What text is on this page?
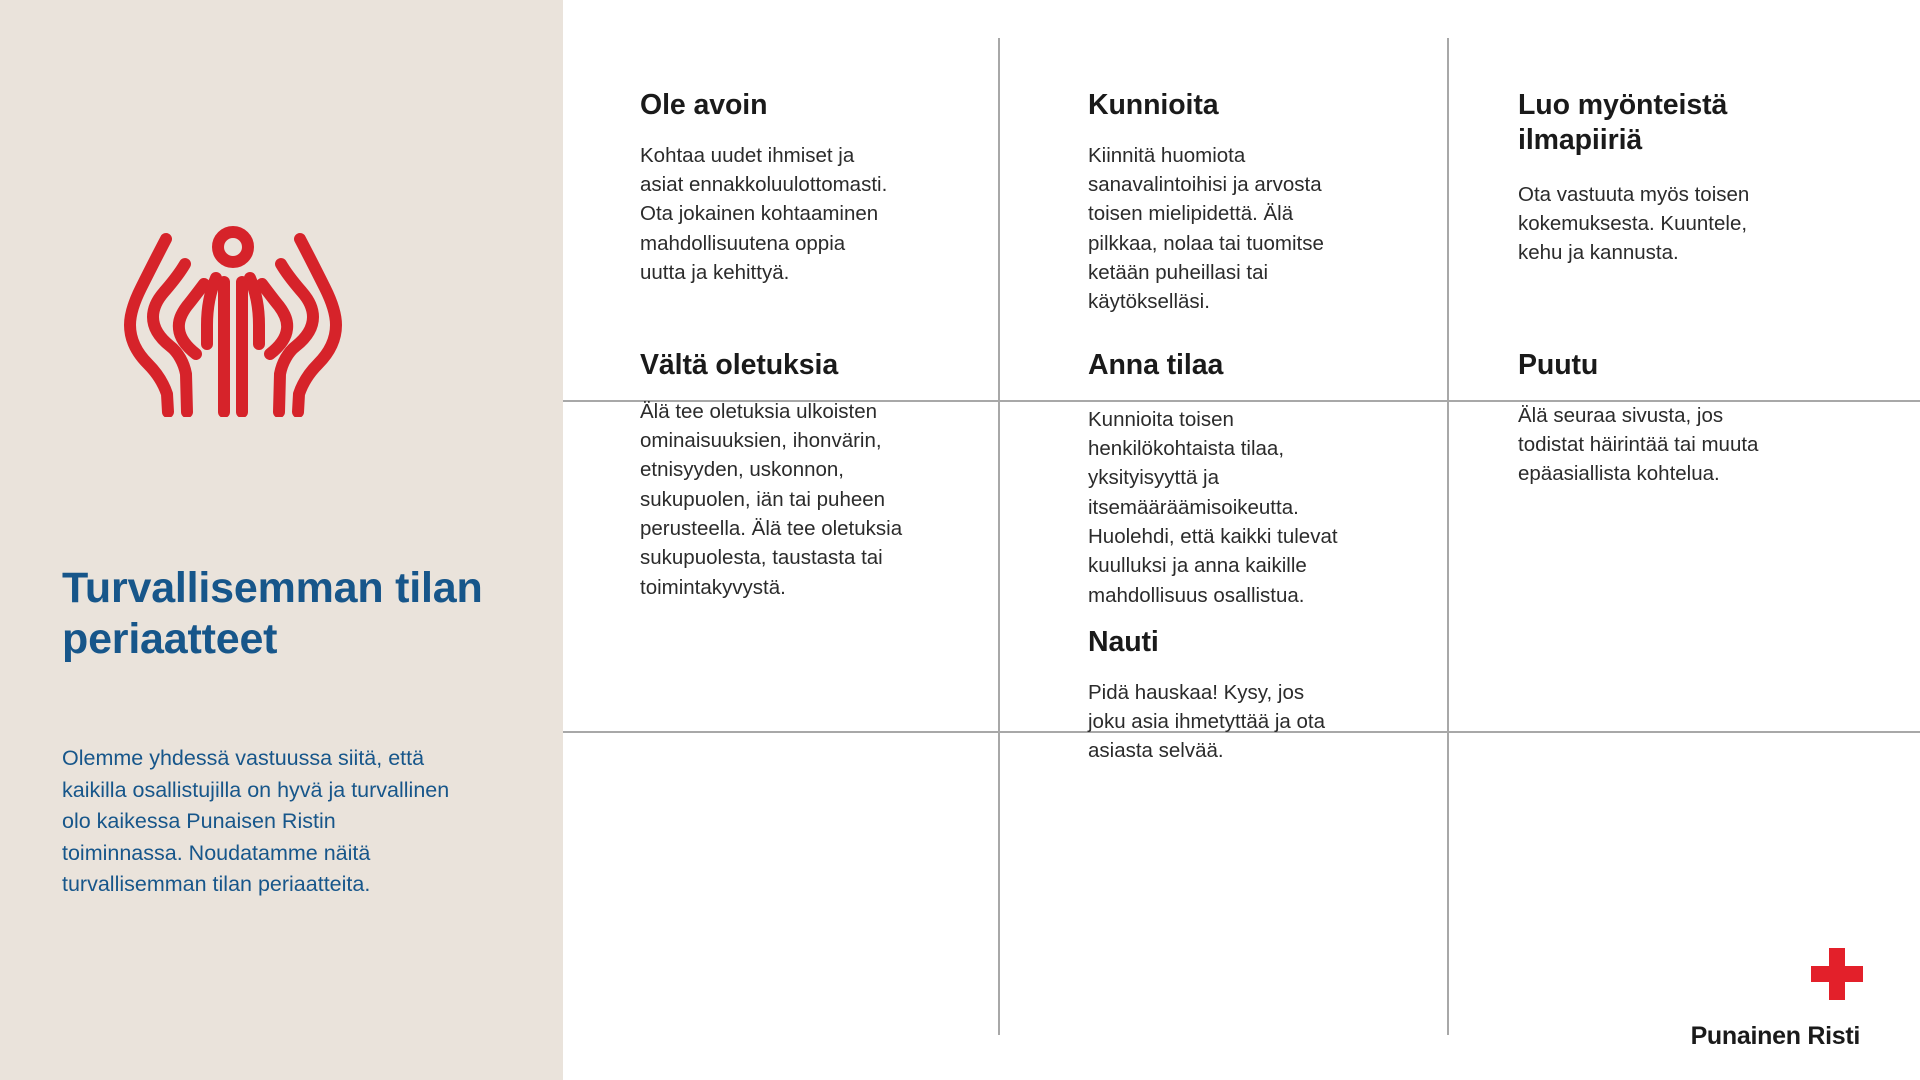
Turvallisemman tilan periaatteet

Olemme yhdessä vastuussa siitä, että kaikilla osallistujilla on hyvä ja turvallinen olo kaikessa Punaisen Ristin toiminnassa. Noudatamme näitä turvallisemman tilan periaatteita.

Ole avoin

Kohtaa uudet ihmiset ja asiat ennakkoluulottomasti. Ota jokainen kohtaaminen mahdollisuutena oppia uutta ja kehittyä.

Kunnioita

Kiinnitä huomiota sanavalintoihisi ja arvosta toisen mielipidettä. Älä pilkkaa, nolaa tai tuomitse ketään puheillasi tai käytökselläsi.

Luo myönteistä ilmapiiriä

Ota vastuuta myös toisen kokemuksesta. Kuuntele, kehu ja kannusta.

Vältä oletuksia

Älä tee oletuksia ulkoisten ominaisuuksien, ihonvärin, etnisyyden, uskonnon, sukupuolen, iän tai puheen perusteella. Älä tee oletuksia sukupuolesta, taustasta tai toimintakyvystä.

Anna tilaa

Kunnioita toisen henkilökohtaista tilaa, yksityisyyttä ja itsemääräämisoikeutta. Huolehdi, että kaikki tulevat kuulluksi ja anna kaikille mahdollisuus osallistua.

Puutu

Älä seuraa sivusta, jos todistat häirintää tai muuta epäasiallista kohtelua.

Nauti

Pidä hauskaa! Kysy, jos joku asia ihmetyttää ja ota asiasta selvää.

Punainen Risti
